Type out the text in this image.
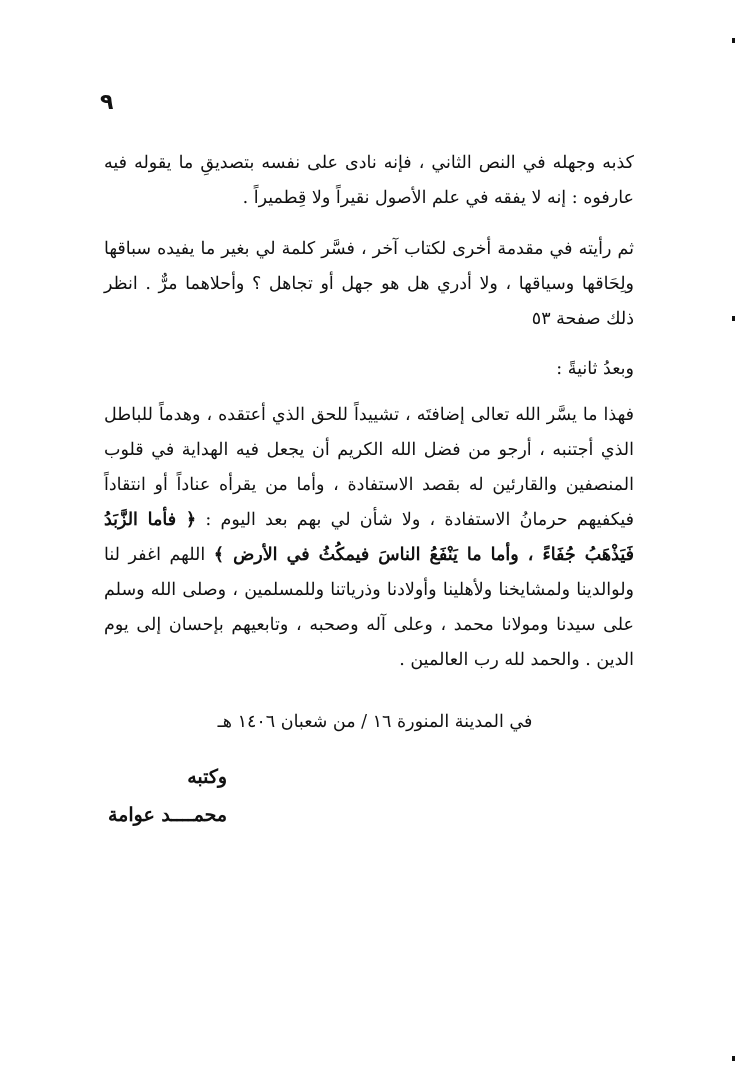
٩

كذبه وجهله في النص الثاني ، فإنه نادى على نفسه بتصديقِ ما يقوله فيه عارفوه : إنه لا يفقه في علم الأصول نقيراً ولا قِطميراً .

ثم رأيته في مقدمة أخرى لكتاب آخر ، فسَّر كلمة لي بغير ما يفيده سباقها ولِحَاقها وسياقها ، ولا أدري هل هو جهل أو تجاهل ؟ وأحلاهما مرٌّ . انظر ذلك صفحة ٥٣

وبعدُ ثانيةً :

فهذا ما يسَّر الله تعالى إضافتَه ، تشييداً للحق الذي أعتقده ، وهدماً للباطل الذي أجتنبه ، أرجو من فضل الله الكريم أن يجعل فيه الهداية في قلوب المنصفين والقارئين له بقصد الاستفادة ، وأما من يقرأه عناداً أو انتقاداً فيكفيهم حرمانُ الاستفادة ، ولا شأن لي بهم بعد اليوم : ﴿ فأما الزَّبَدُ فَيَذْهَبُ جُفَاءً ، وأما ما يَنْفَعُ الناسَ فيمكُثُ في الأرض ﴾ اللهم اغفر لنا ولوالدينا ولمشايخنا ولأهلينا وأولادنا وذرياتنا وللمسلمين ، وصلى الله وسلم على سيدنا ومولانا محمد ، وعلى آله وصحبه ، وتابعيهم بإحسان إلى يوم الدين . والحمد لله رب العالمين .

في المدينة المنورة ١٦ / من شعبان ١٤٠٦ هـ
وكتبه
محمــــد عوامة
